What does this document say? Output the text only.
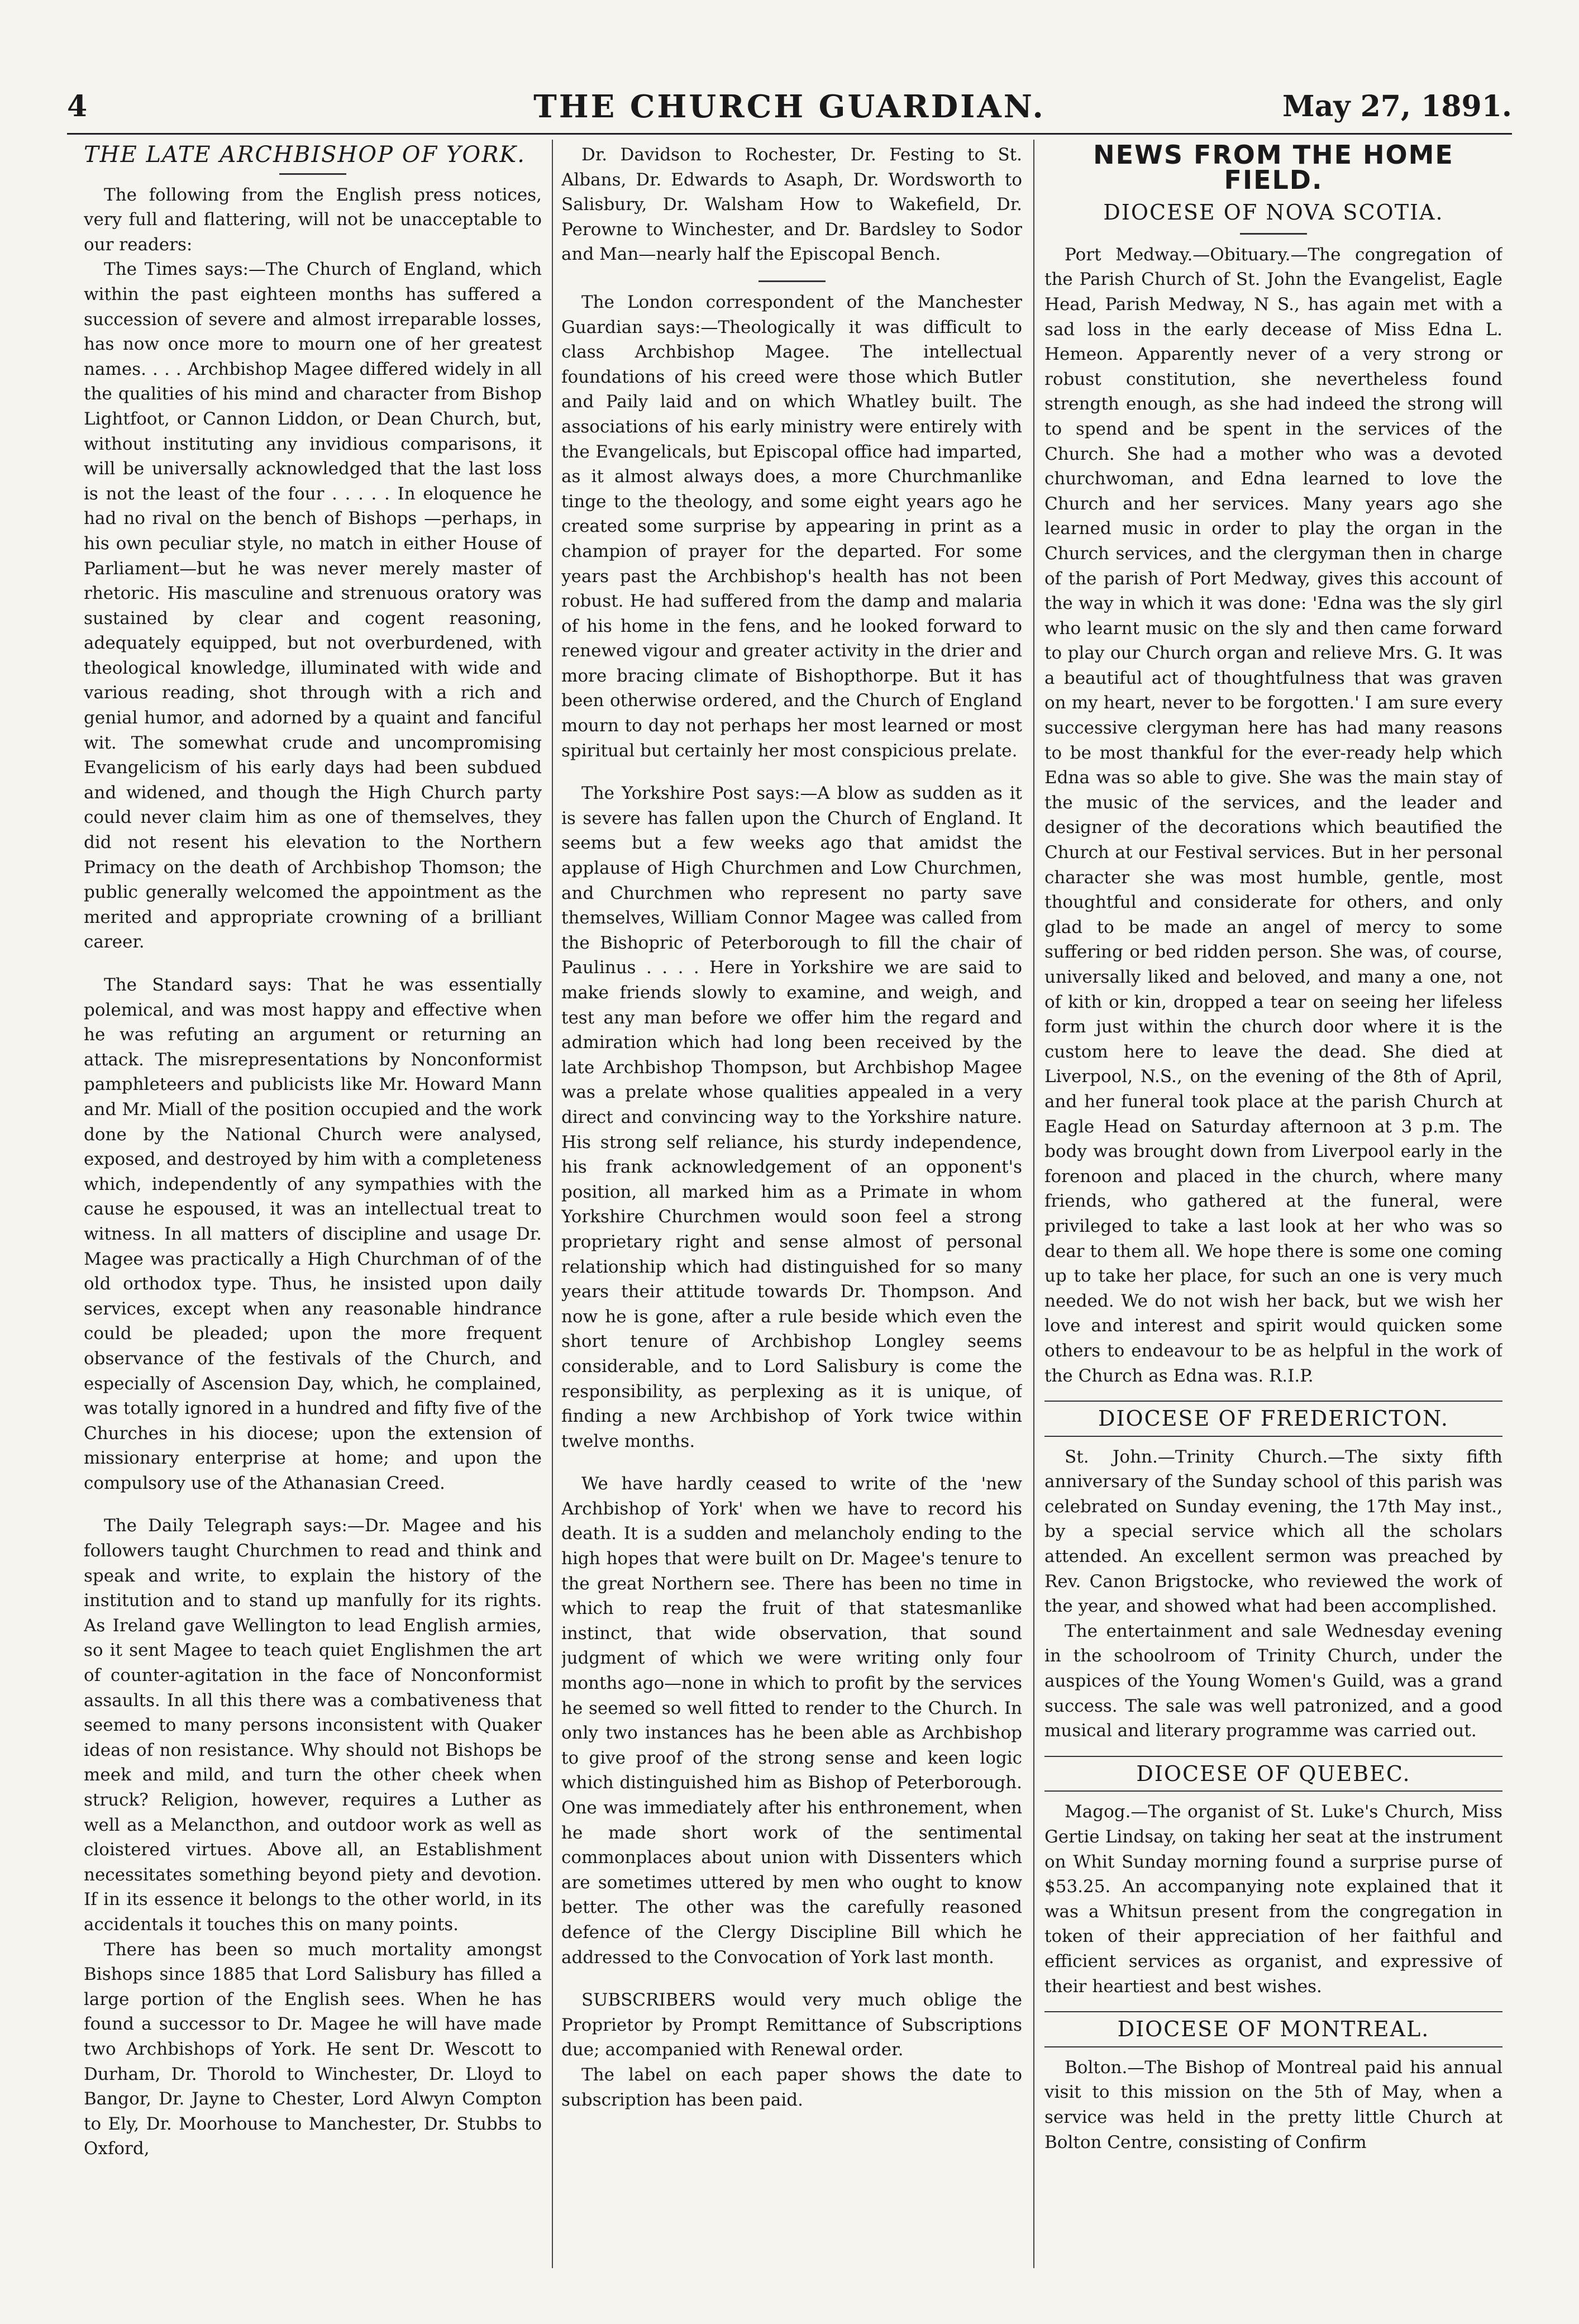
4	THE CHURCH GUARDIAN.	May 27, 1891.
THE LATE ARCHBISHOP OF YORK.

The following from the English press notices, very full and flattering, will not be unacceptable to our readers:

The Times says:—The Church of England, which within the past eighteen months has suffered a succession of severe and almost irreparable losses, has now once more to mourn one of her greatest names. . . . Archbishop Magee differed widely in all the qualities of his mind and character from Bishop Lightfoot, or Cannon Liddon, or Dean Church, but, without instituting any invidious comparisons, it will be universally acknowledged that the last loss is not the least of the four . . . . . In eloquence he had no rival on the bench of Bishops —perhaps, in his own peculiar style, no match in either House of Parliament—but he was never merely master of rhetoric. His masculine and strenuous oratory was sustained by clear and cogent reasoning, adequately equipped, but not overburdened, with theological knowledge, illuminated with wide and various reading, shot through with a rich and genial humor, and adorned by a quaint and fanciful wit. The somewhat crude and uncompromising Evangelicism of his early days had been subdued and widened, and though the High Church party could never claim him as one of themselves, they did not resent his elevation to the Northern Primacy on the death of Archbishop Thomson; the public generally welcomed the appointment as the merited and appropriate crowning of a brilliant career.

The Standard says: That he was essentially polemical, and was most happy and effective when he was refuting an argument or returning an attack. The misrepresentations by Nonconformist pamphleteers and publicists like Mr. Howard Mann and Mr. Miall of the position occupied and the work done by the National Church were analysed, exposed, and destroyed by him with a completeness which, independently of any sympathies with the cause he espoused, it was an intellectual treat to witness. In all matters of discipline and usage Dr. Magee was practically a High Churchman of of the old orthodox type. Thus, he insisted upon daily services, except when any reasonable hindrance could be pleaded; upon the more frequent observance of the festivals of the Church, and especially of Ascension Day, which, he complained, was totally ignored in a hundred and fifty five of the Churches in his diocese; upon the extension of missionary enterprise at home; and upon the compulsory use of the Athanasian Creed.

The Daily Telegraph says:—Dr. Magee and his followers taught Churchmen to read and think and speak and write, to explain the history of the institution and to stand up manfully for its rights. As Ireland gave Wellington to lead English armies, so it sent Magee to teach quiet Englishmen the art of counter-agitation in the face of Nonconformist assaults. In all this there was a combativeness that seemed to many persons inconsistent with Quaker ideas of non resistance. Why should not Bishops be meek and mild, and turn the other cheek when struck? Religion, however, requires a Luther as well as a Melancthon, and outdoor work as well as cloistered virtues. Above all, an Establishment necessitates something beyond piety and devotion. If in its essence it belongs to the other world, in its accidentals it touches this on many points.

There has been so much mortality amongst Bishops since 1885 that Lord Salisbury has filled a large portion of the English sees. When he has found a successor to Dr. Magee he will have made two Archbishops of York. He sent Dr. Wescott to Durham, Dr. Thorold to Winchester, Dr. Lloyd to Bangor, Dr. Jayne to Chester, Lord Alwyn Compton to Ely, Dr. Moorhouse to Manchester, Dr. Stubbs to Oxford,

Dr. Davidson to Rochester, Dr. Festing to St. Albans, Dr. Edwards to Asaph, Dr. Wordsworth to Salisbury, Dr. Walsham How to Wakefield, Dr. Perowne to Winchester, and Dr. Bardsley to Sodor and Man—nearly half the Episcopal Bench.

The London correspondent of the Manchester Guardian says:—Theologically it was difficult to class Archbishop Magee. The intellectual foundations of his creed were those which Butler and Paily laid and on which Whatley built. The associations of his early ministry were entirely with the Evangelicals, but Episcopal office had imparted, as it almost always does, a more Churchmanlike tinge to the theology, and some eight years ago he created some surprise by appearing in print as a champion of prayer for the departed. For some years past the Archbishop's health has not been robust. He had suffered from the damp and malaria of his home in the fens, and he looked forward to renewed vigour and greater activity in the drier and more bracing climate of Bishopthorpe. But it has been otherwise ordered, and the Church of England mourn to day not perhaps her most learned or most spiritual but certainly her most conspicious prelate.

The Yorkshire Post says:—A blow as sudden as it is severe has fallen upon the Church of England. It seems but a few weeks ago that amidst the applause of High Churchmen and Low Churchmen, and Churchmen who represent no party save themselves, William Connor Magee was called from the Bishopric of Peterborough to fill the chair of Paulinus . . . . Here in Yorkshire we are said to make friends slowly to examine, and weigh, and test any man before we offer him the regard and admiration which had long been received by the late Archbishop Thompson, but Archbishop Magee was a prelate whose qualities appealed in a very direct and convincing way to the Yorkshire nature. His strong self reliance, his sturdy independence, his frank acknowledgement of an opponent's position, all marked him as a Primate in whom Yorkshire Churchmen would soon feel a strong proprietary right and sense almost of personal relationship which had distinguished for so many years their attitude towards Dr. Thompson. And now he is gone, after a rule beside which even the short tenure of Archbishop Longley seems considerable, and to Lord Salisbury is come the responsibility, as perplexing as it is unique, of finding a new Archbishop of York twice within twelve months.

We have hardly ceased to write of the 'new Archbishop of York' when we have to record his death. It is a sudden and melancholy ending to the high hopes that were built on Dr. Magee's tenure to the great Northern see. There has been no time in which to reap the fruit of that statesmanlike instinct, that wide observation, that sound judgment of which we were writing only four months ago—none in which to profit by the services he seemed so well fitted to render to the Church. In only two instances has he been able as Archbishop to give proof of the strong sense and keen logic which distinguished him as Bishop of Peterborough. One was immediately after his enthronement, when he made short work of the sentimental commonplaces about union with Dissenters which are sometimes uttered by men who ought to know better. The other was the carefully reasoned defence of the Clergy Discipline Bill which he addressed to the Convocation of York last month.

SUBSCRIBERS would very much oblige the Proprietor by Prompt Remittance of Subscriptions due; accompanied with Renewal order.

The label on each paper shows the date to subscription has been paid.

NEWS FROM THE HOME FIELD.
DIOCESE OF NOVA SCOTIA.

Port Medway.—Obituary.—The congregation of the Parish Church of St. John the Evangelist, Eagle Head, Parish Medway, N S., has again met with a sad loss in the early decease of Miss Edna L. Hemeon. Apparently never of a very strong or robust constitution, she nevertheless found strength enough, as she had indeed the strong will to spend and be spent in the services of the Church. She had a mother who was a devoted churchwoman, and Edna learned to love the Church and her services. Many years ago she learned music in order to play the organ in the Church services, and the clergyman then in charge of the parish of Port Medway, gives this account of the way in which it was done: 'Edna was the sly girl who learnt music on the sly and then came forward to play our Church organ and relieve Mrs. G. It was a beautiful act of thoughtfulness that was graven on my heart, never to be forgotten.' I am sure every successive clergyman here has had many reasons to be most thankful for the ever-ready help which Edna was so able to give. She was the main stay of the music of the services, and the leader and designer of the decorations which beautified the Church at our Festival services. But in her personal character she was most humble, gentle, most thoughtful and considerate for others, and only glad to be made an angel of mercy to some suffering or bed ridden person. She was, of course, universally liked and beloved, and many a one, not of kith or kin, dropped a tear on seeing her lifeless form just within the church door where it is the custom here to leave the dead. She died at Liverpool, N.S., on the evening of the 8th of April, and her funeral took place at the parish Church at Eagle Head on Saturday afternoon at 3 p.m. The body was brought down from Liverpool early in the forenoon and placed in the church, where many friends, who gathered at the funeral, were privileged to take a last look at her who was so dear to them all. We hope there is some one coming up to take her place, for such an one is very much needed. We do not wish her back, but we wish her love and interest and spirit would quicken some others to endeavour to be as helpful in the work of the Church as Edna was. R.I.P.

DIOCESE OF FREDERICTON.

St. John.—Trinity Church.—The sixty fifth anniversary of the Sunday school of this parish was celebrated on Sunday evening, the 17th May inst., by a special service which all the scholars attended. An excellent sermon was preached by Rev. Canon Brigstocke, who reviewed the work of the year, and showed what had been accomplished.

The entertainment and sale Wednesday evening in the schoolroom of Trinity Church, under the auspices of the Young Women's Guild, was a grand success. The sale was well patronized, and a good musical and literary programme was carried out.

DIOCESE OF QUEBEC.

Magog.—The organist of St. Luke's Church, Miss Gertie Lindsay, on taking her seat at the instrument on Whit Sunday morning found a surprise purse of $53.25. An accompanying note explained that it was a Whitsun present from the congregation in token of their appreciation of her faithful and efficient services as organist, and expressive of their heartiest and best wishes.

DIOCESE OF MONTREAL.

Bolton.—The Bishop of Montreal paid his annual visit to this mission on the 5th of May, when a service was held in the pretty little Church at Bolton Centre, consisting of Confirm
